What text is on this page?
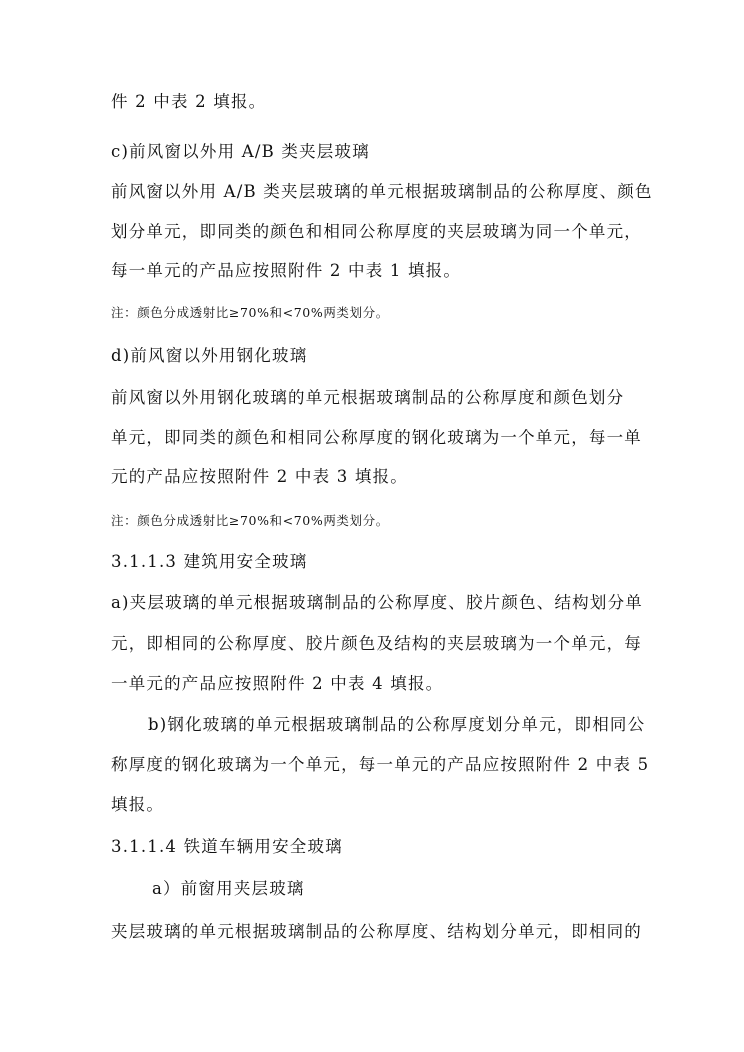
件 2 中表 2 填报。
c)前风窗以外用 A/B 类夹层玻璃
前风窗以外用 A/B 类夹层玻璃的单元根据玻璃制品的公称厚度、颜色
划分单元，即同类的颜色和相同公称厚度的夹层玻璃为同一个单元，
每一单元的产品应按照附件 2 中表 1 填报。
注：颜色分成透射比≥70%和<70%两类划分。
d)前风窗以外用钢化玻璃
前风窗以外用钢化玻璃的单元根据玻璃制品的公称厚度和颜色划分
单元，即同类的颜色和相同公称厚度的钢化玻璃为一个单元，每一单
元的产品应按照附件 2 中表 3 填报。
注：颜色分成透射比≥70%和<70%两类划分。
3.1.1.3 建筑用安全玻璃
a)夹层玻璃的单元根据玻璃制品的公称厚度、胶片颜色、结构划分单
元，即相同的公称厚度、胶片颜色及结构的夹层玻璃为一个单元，每
一单元的产品应按照附件 2 中表 4 填报。
b)钢化玻璃的单元根据玻璃制品的公称厚度划分单元，即相同公
称厚度的钢化玻璃为一个单元，每一单元的产品应按照附件 2 中表 5
填报。
3.1.1.4 铁道车辆用安全玻璃
a）前窗用夹层玻璃
夹层玻璃的单元根据玻璃制品的公称厚度、结构划分单元，即相同的
